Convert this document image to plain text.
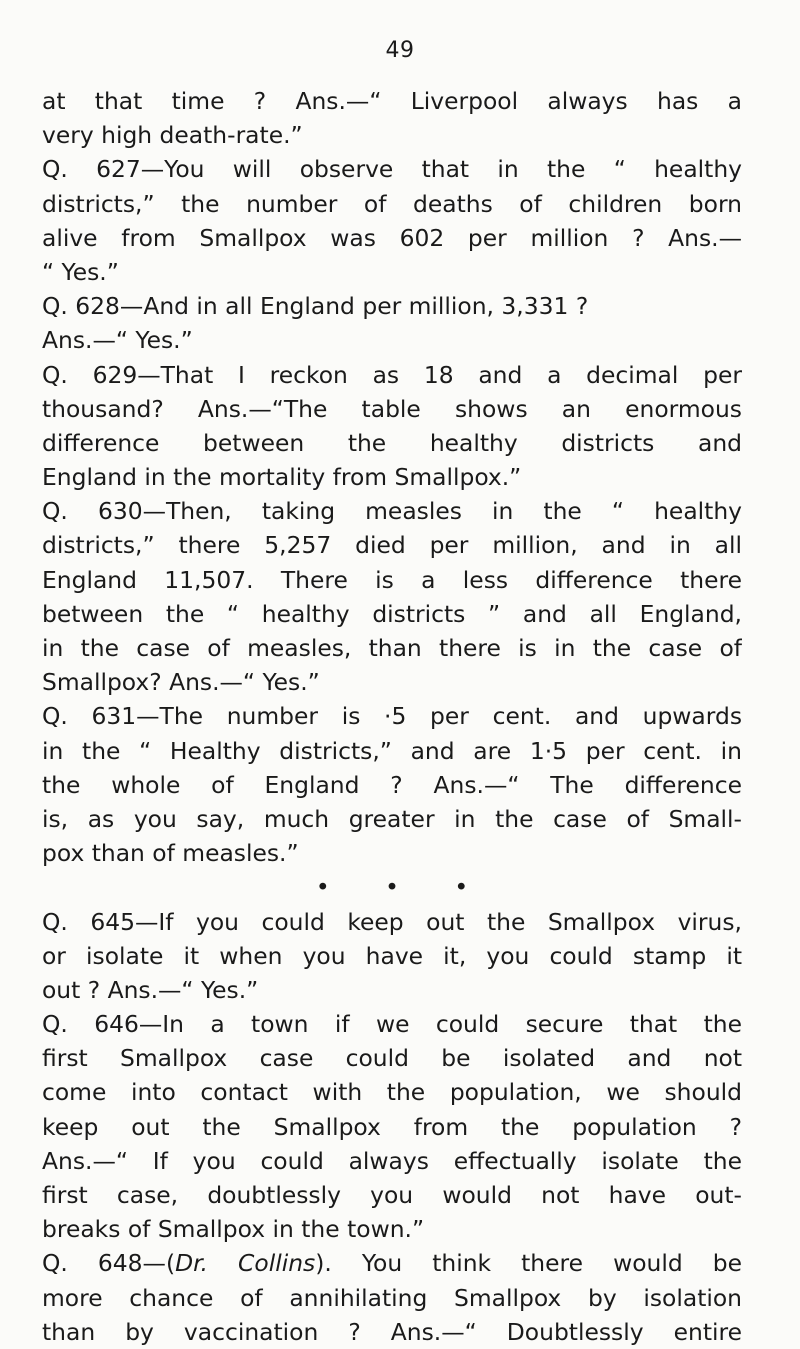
49
at that time ? Ans.—“ Liverpool always has a
very high death-rate.”
Q. 627—You will observe that in the “ healthy
districts,” the number of deaths of children born
alive from Smallpox was 602 per million ? Ans.—
“ Yes.”
Q. 628—And in all England per million, 3,331 ?
Ans.—“ Yes.”
Q. 629—That I reckon as 18 and a decimal per
thousand? Ans.—“The table shows an enormous
difference between the healthy districts and
England in the mortality from Smallpox.”
Q. 630—Then, taking measles in the “ healthy
districts,” there 5,257 died per million, and in all
England 11,507. There is a less difference there
between the “ healthy districts ” and all England,
in the case of measles, than there is in the case of
Smallpox? Ans.—“ Yes.”
Q. 631—The number is ·5 per cent. and upwards
in the “ Healthy districts,” and are 1·5 per cent. in
the whole of England ? Ans.—“ The difference
is, as you say, much greater in the case of Small-
pox than of measles.”
• • •
Q. 645—If you could keep out the Smallpox virus,
or isolate it when you have it, you could stamp it
out ? Ans.—“ Yes.”
Q. 646—In a town if we could secure that the
first Smallpox case could be isolated and not
come into contact with the population, we should
keep out the Smallpox from the population ?
Ans.—“ If you could always effectually isolate the
first case, doubtlessly you would not have out-
breaks of Smallpox in the town.”
Q. 648—(Dr. Collins). You think there would be
more chance of annihilating Smallpox by isolation
than by vaccination ? Ans.—“ Doubtlessly entire
